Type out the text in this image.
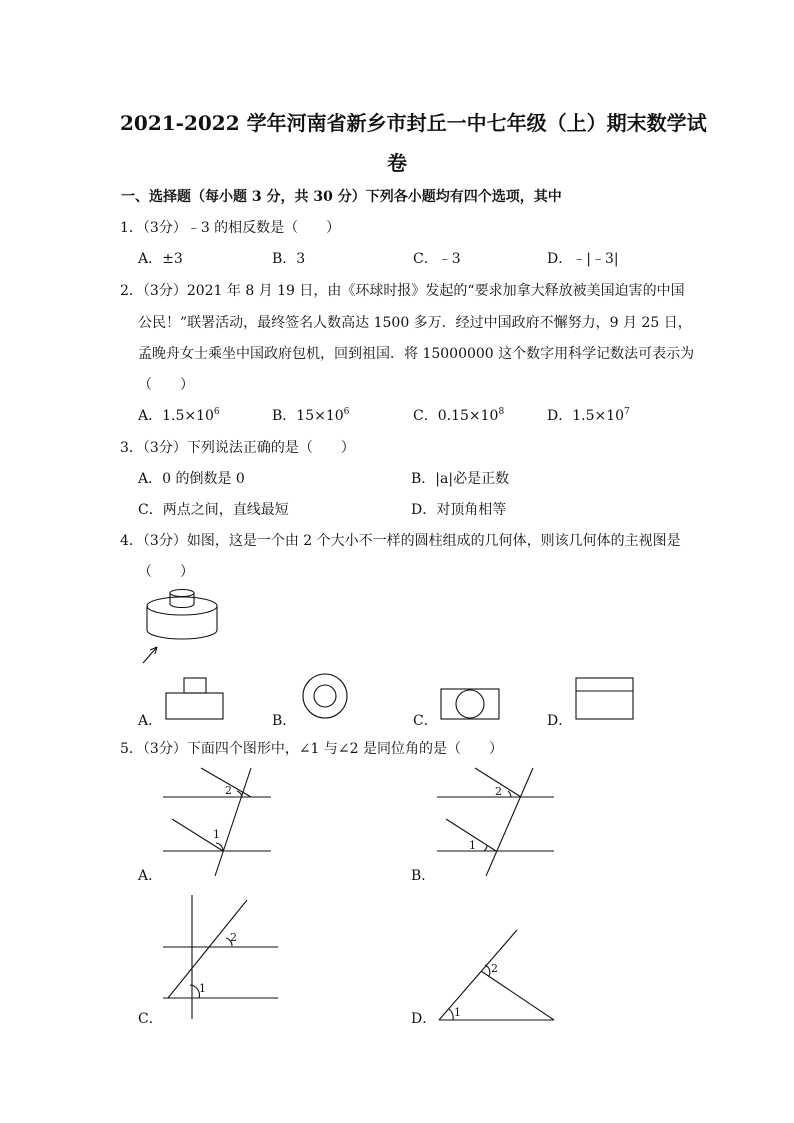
2021-2022 学年河南省新乡市封丘一中七年级（上）期末数学试
卷
一、选择题（每小题 3 分，共 30 分）下列各小题均有四个选项，其中
1．（3分）﹣3 的相反数是（　　）
A．±3	B．3	C．﹣3	D．﹣|﹣3|
2．（3分）2021 年 8 月 19 日，由《环球时报》发起的“要求加拿大释放被美国迫害的中国
公民！”联署活动，最终签名人数高达 1500 多万．经过中国政府不懈努力，9 月 25 日，
孟晚舟女士乘坐中国政府包机，回到祖国．将 15000000 这个数字用科学记数法可表示为
（　　）
A．$1.5\times 10^6$	B．$15\times 10^6$	C．$0.15\times 10^8$	D．$1.5\times 10^7$
3．（3分）下列说法正确的是（　　）
A．0 的倒数是 0	B．|a|必是正数
C．两点之间，直线最短	D．对顶角相等
4．（3分）如图，这是一个由 2 个大小不一样的圆柱组成的几何体，则该几何体的主视图是
（　　）
A．	B．	C．	D．
5．（3分）下面四个图形中，∠1 与∠2 是同位角的是（　　）
2
1
A．
2
1
B．
2
1
C．
2
1
D．
